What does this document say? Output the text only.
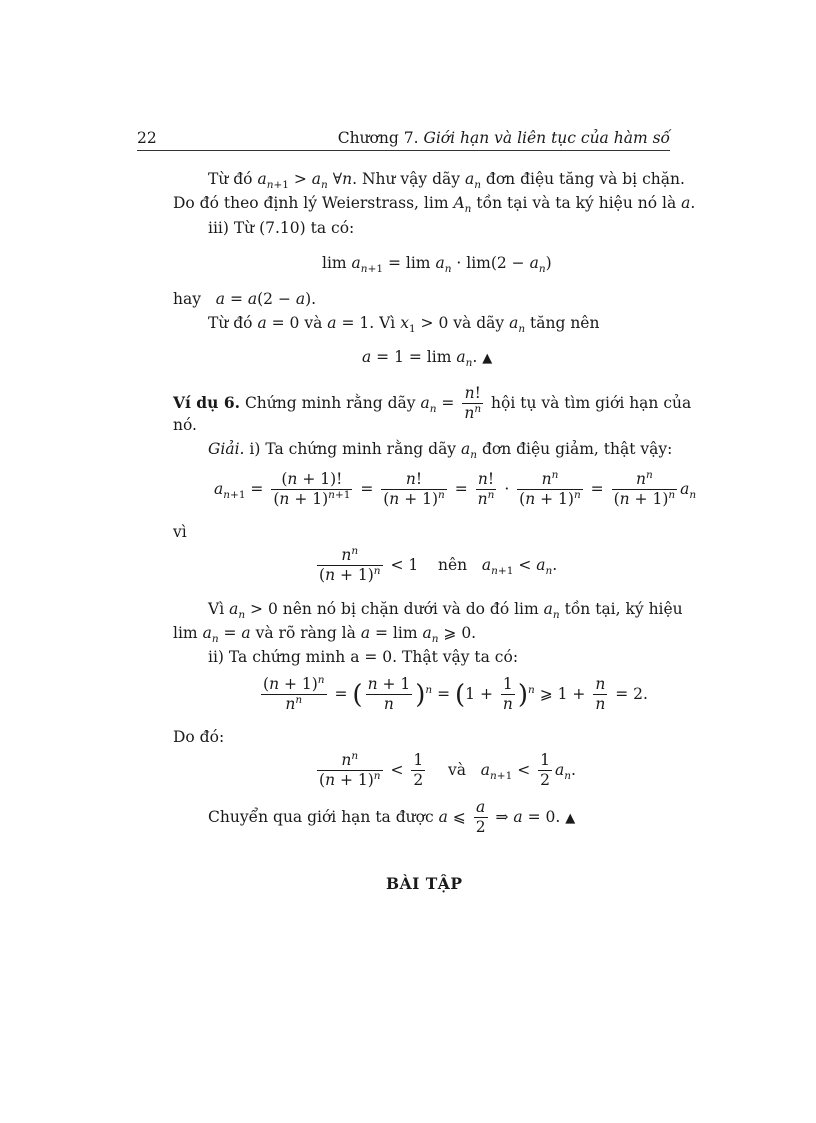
22	Chương 7. Giới hạn và liên tục của hàm số
Từ đó $a_{n+1} > a_n$ ∀n. Như vậy dãy $a_n$ đơn điệu tăng và bị chặn.
Do đó theo định lý Weierstrass, $\lim A_n$ tồn tại và ta ký hiệu nó là a.
iii) Từ (7.10) ta có:
$\lim a_{n+1} = \lim a_n \cdot \lim(2 - a_n)$
hay a = a(2 − a).
Từ đó a = 0 và a = 1. Vì $x_1 > 0$ và dãy $a_n$ tăng nên
$a = 1 = \lim a_n$. ▲
Ví dụ 6. Chứng minh rằng dãy $a_n = \frac{n!}{n^n}$ hội tụ và tìm giới hạn của
nó.
Giải. i) Ta chứng minh rằng dãy $a_n$ đơn điệu giảm, thật vậy:
$a_{n+1} = \frac{(n + 1)!}{(n + 1)^{n+1}} = \frac{n!}{(n + 1)^n} = \frac{n!}{n^n} \cdot \frac{n^n}{(n + 1)^n} = \frac{n^n}{(n + 1)^n} a_n$
vì
$\frac{n^n}{(n + 1)^n} < 1$    nên $a_{n+1} < a_n$.
Vì $a_n > 0$ nên nó bị chặn dưới và do đó $\lim a_n$ tồn tại, ký hiệu
$\lim a_n = a$ và rõ ràng là $a = \lim a_n$ ⩾ 0.
ii) Ta chứng minh a = 0. Thật vậy ta có:
$\frac{(n + 1)^n}{n^n}$ = ( $\frac{n + 1}{n} )^n = (1 + \frac{1}{n} )^n$ ⩾ $1 + \frac{n}{n} = 2$.
Do đó:
$\frac{n^n}{(n + 1)^n} < \frac{1}{2}$ và $a_{n+1} < \frac{1}{2} a_n$.
Chuyển qua giới hạn ta được a ⩽ $\frac{a}{2}$ ⇒ a = 0. ▲
BÀI TẬP
